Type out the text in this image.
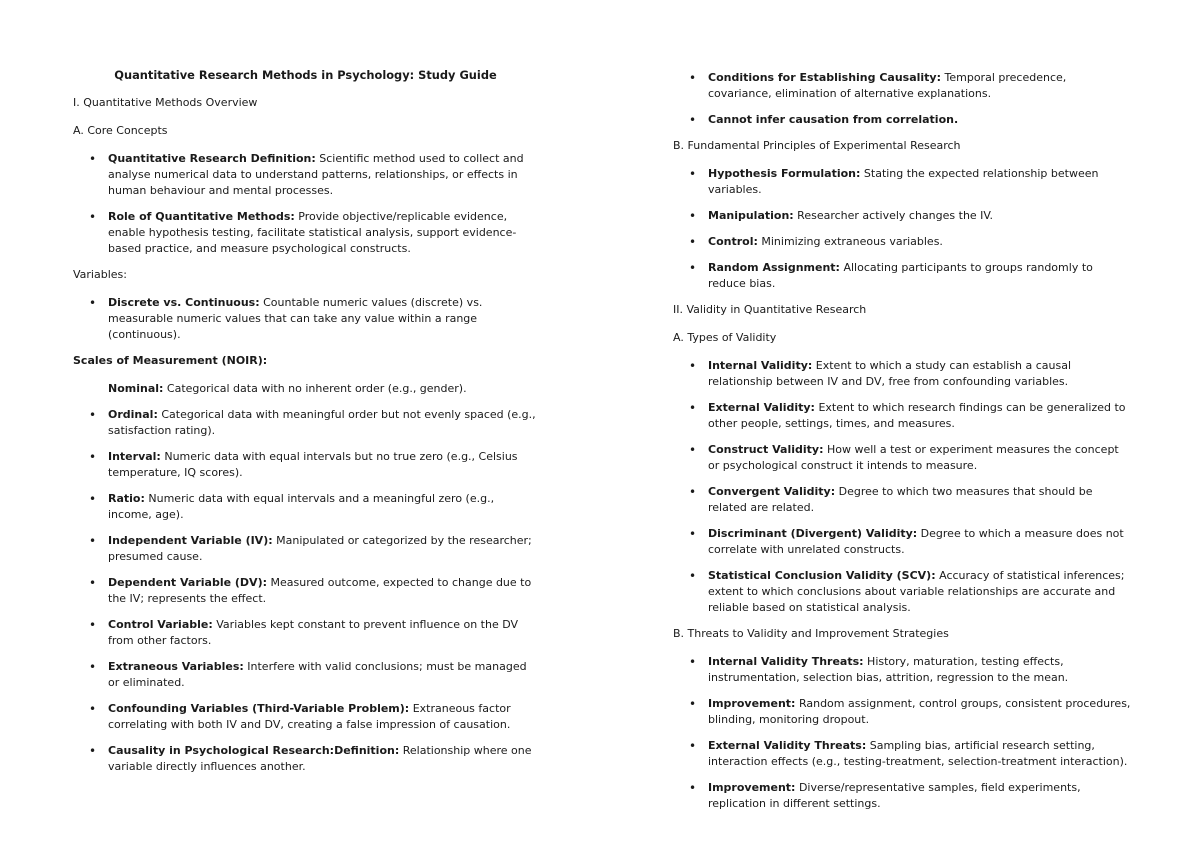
Quantitative Research Methods in Psychology: Study Guide
I. Quantitative Methods Overview
A. Core Concepts
• Quantitative Research Definition: Scientific method used to collect and analyse numerical data to understand patterns, relationships, or effects in human behaviour and mental processes.
• Role of Quantitative Methods: Provide objective/replicable evidence, enable hypothesis testing, facilitate statistical analysis, support evidence-based practice, and measure psychological constructs.
Variables:
• Discrete vs. Continuous: Countable numeric values (discrete) vs. measurable numeric values that can take any value within a range (continuous).
Scales of Measurement (NOIR):
Nominal: Categorical data with no inherent order (e.g., gender).
• Ordinal: Categorical data with meaningful order but not evenly spaced (e.g., satisfaction rating).
• Interval: Numeric data with equal intervals but no true zero (e.g., Celsius temperature, IQ scores).
• Ratio: Numeric data with equal intervals and a meaningful zero (e.g., income, age).
• Independent Variable (IV): Manipulated or categorized by the researcher; presumed cause.
• Dependent Variable (DV): Measured outcome, expected to change due to the IV; represents the effect.
• Control Variable: Variables kept constant to prevent influence on the DV from other factors.
• Extraneous Variables: Interfere with valid conclusions; must be managed or eliminated.
• Confounding Variables (Third-Variable Problem): Extraneous factor correlating with both IV and DV, creating a false impression of causation.
• Causality in Psychological Research:Definition: Relationship where one variable directly influences another.
• Conditions for Establishing Causality: Temporal precedence, covariance, elimination of alternative explanations.
• Cannot infer causation from correlation.
B. Fundamental Principles of Experimental Research
• Hypothesis Formulation: Stating the expected relationship between variables.
• Manipulation: Researcher actively changes the IV.
• Control: Minimizing extraneous variables.
• Random Assignment: Allocating participants to groups randomly to reduce bias.
II. Validity in Quantitative Research
A. Types of Validity
• Internal Validity: Extent to which a study can establish a causal relationship between IV and DV, free from confounding variables.
• External Validity: Extent to which research findings can be generalized to other people, settings, times, and measures.
• Construct Validity: How well a test or experiment measures the concept or psychological construct it intends to measure.
• Convergent Validity: Degree to which two measures that should be related are related.
• Discriminant (Divergent) Validity: Degree to which a measure does not correlate with unrelated constructs.
• Statistical Conclusion Validity (SCV): Accuracy of statistical inferences; extent to which conclusions about variable relationships are accurate and reliable based on statistical analysis.
B. Threats to Validity and Improvement Strategies
• Internal Validity Threats: History, maturation, testing effects, instrumentation, selection bias, attrition, regression to the mean.
• Improvement: Random assignment, control groups, consistent procedures, blinding, monitoring dropout.
• External Validity Threats: Sampling bias, artificial research setting, interaction effects (e.g., testing-treatment, selection-treatment interaction).
• Improvement: Diverse/representative samples, field experiments, replication in different settings.
